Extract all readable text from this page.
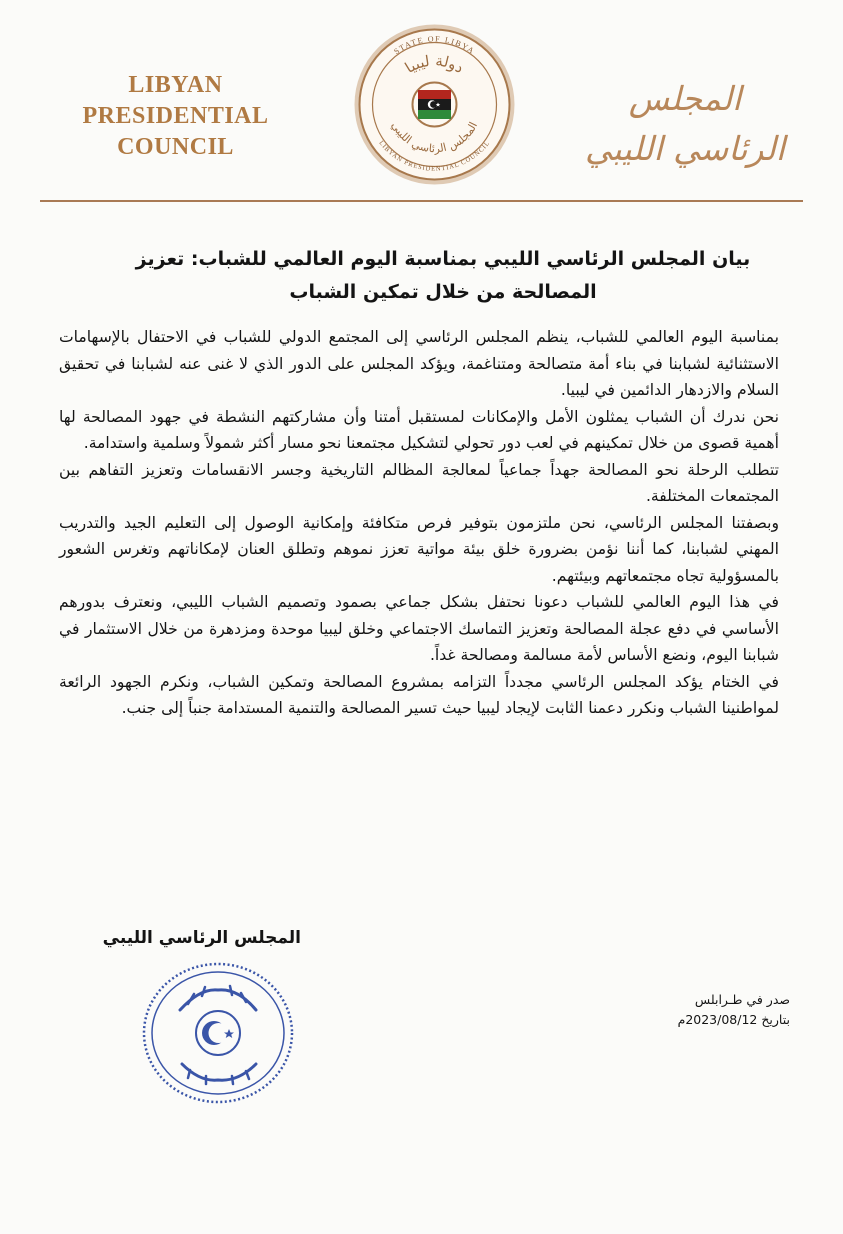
LIBYAN PRESIDENTIAL
COUNCIL
STATE OF LIBYA
LIBYAN PRESIDENTIAL COUNCIL
دولة ليبيا
المجلس الرئاسي الليبي
المجلس الرئاسي الليبي
بيان المجلس الرئاسي الليبي بمناسبة اليوم العالمي للشباب: تعزيز المصالحة من خلال تمكين الشباب

بمناسبة اليوم العالمي للشباب، ينظم المجلس الرئاسي إلى المجتمع الدولي للشباب في الاحتفال بالإسهامات الاستثنائية لشبابنا في بناء أمة متصالحة ومتناغمة، ويؤكد المجلس على الدور الذي لا غنى عنه لشبابنا في تحقيق السلام والازدهار الدائمين في ليبيا.

نحن ندرك أن الشباب يمثلون الأمل والإمكانات لمستقبل أمتنا وأن مشاركتهم النشطة في جهود المصالحة لها أهمية قصوى من خلال تمكينهم في لعب دور تحولي لتشكيل مجتمعنا نحو مسار أكثر شمولاً وسلمية واستدامة.

تتطلب الرحلة نحو المصالحة جهداً جماعياً لمعالجة المظالم التاريخية وجسر الانقسامات وتعزيز التفاهم بين المجتمعات المختلفة.

وبصفتنا المجلس الرئاسي، نحن ملتزمون بتوفير فرص متكافئة وإمكانية الوصول إلى التعليم الجيد والتدريب المهني لشبابنا، كما أننا نؤمن بضرورة خلق بيئة مواتية تعزز نموهم وتطلق العنان لإمكاناتهم وتغرس الشعور بالمسؤولية تجاه مجتمعاتهم وبيئتهم.

في هذا اليوم العالمي للشباب دعونا نحتفل بشكل جماعي بصمود وتصميم الشباب الليبي، ونعترف بدورهم الأساسي في دفع عجلة المصالحة وتعزيز التماسك الاجتماعي وخلق ليبيا موحدة ومزدهرة من خلال الاستثمار في شبابنا اليوم، ونضع الأساس لأمة مسالمة ومصالحة غداً.

في الختام يؤكد المجلس الرئاسي مجدداً التزامه بمشروع المصالحة وتمكين الشباب، ونكرم الجهود الرائعة لمواطنينا الشباب ونكرر دعمنا الثابت لإيجاد ليبيا حيث تسير المصالحة والتنمية المستدامة جنباً إلى جنب.

المجلس الرئاسي الليبي
صدر في طـرابلس
بتاريخ 2023/08/12م
